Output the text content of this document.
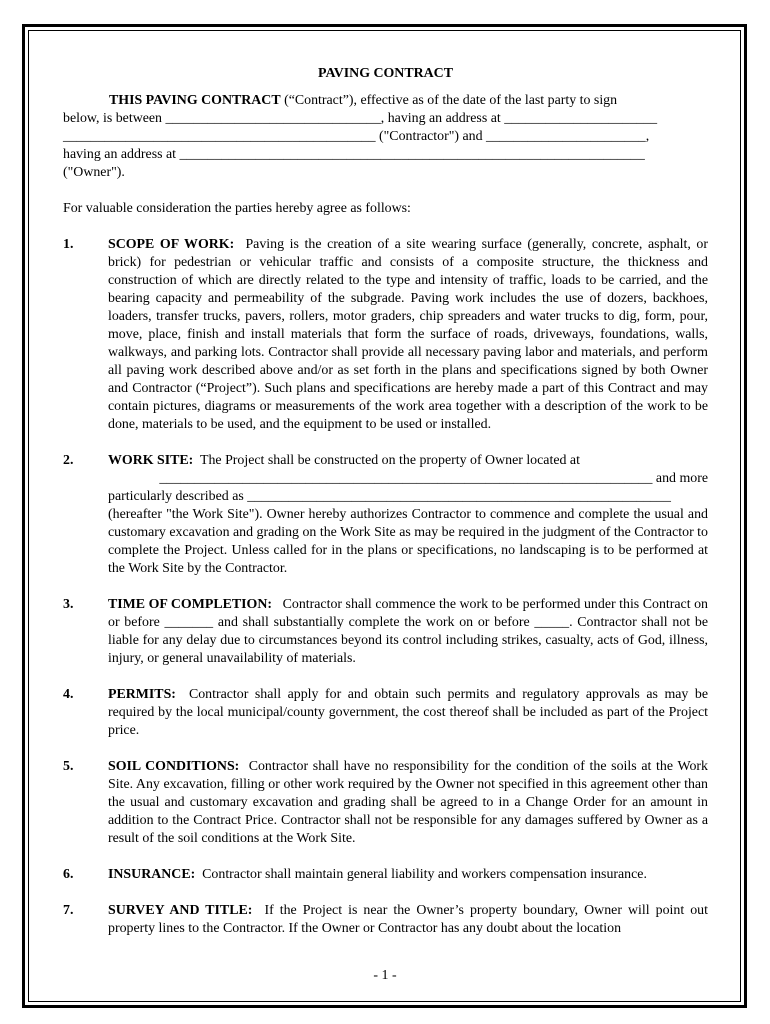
PAVING CONTRACT

THIS PAVING CONTRACT (“Contract”), effective as of the date of the last party to sign

below, is between _______________________________, having an address at ______________________
_____________________________________________ ("Contractor") and _______________________,
having an address at ___________________________________________________________________
("Owner").
For valuable consideration the parties hereby agree as follows:
1. SCOPE OF WORK: Paving is the creation of a site wearing surface (generally, concrete, asphalt, or brick) for pedestrian or vehicular traffic and consists of a composite structure, the thickness and construction of which are directly related to the type and intensity of traffic, loads to be carried, and the bearing capacity and permeability of the subgrade. Paving work includes the use of dozers, backhoes, loaders, transfer trucks, pavers, rollers, motor graders, chip spreaders and water trucks to dig, form, pour, move, place, finish and install materials that form the surface of roads, driveways, foundations, walls, walkways, and parking lots. Contractor shall provide all necessary paving labor and materials, and perform all paving work described above and/or as set forth in the plans and specifications signed by both Owner and Contractor (“Project”). Such plans and specifications are hereby made a part of this Contract and may contain pictures, diagrams or measurements of the work area together with a description of the work to be done, materials to be used, and the equipment to be used or installed.
2. WORK SITE: The Project shall be constructed on the property of Owner located at
_______________________________________________________________________ and more
particularly described as _____________________________________________________________
(hereafter "the Work Site"). Owner hereby authorizes Contractor to commence and complete the usual and customary excavation and grading on the Work Site as may be required in the judgment of the Contractor to complete the Project. Unless called for in the plans or specifications, no landscaping is to be performed at the Work Site by the Contractor.
3. TIME OF COMPLETION: Contractor shall commence the work to be performed under this Contract on or before _______ and shall substantially complete the work on or before _____. Contractor shall not be liable for any delay due to circumstances beyond its control including strikes, casualty, acts of God, illness, injury, or general unavailability of materials.
4. PERMITS: Contractor shall apply for and obtain such permits and regulatory approvals as may be required by the local municipal/county government, the cost thereof shall be included as part of the Project price.
5. SOIL CONDITIONS: Contractor shall have no responsibility for the condition of the soils at the Work Site. Any excavation, filling or other work required by the Owner not specified in this agreement other than the usual and customary excavation and grading shall be agreed to in a Change Order for an amount in addition to the Contract Price. Contractor shall not be responsible for any damages suffered by Owner as a result of the soil conditions at the Work Site.
6. INSURANCE: Contractor shall maintain general liability and workers compensation insurance.
7. SURVEY AND TITLE: If the Project is near the Owner’s property boundary, Owner will point out property lines to the Contractor. If the Owner or Contractor has any doubt about the location
- 1 -
